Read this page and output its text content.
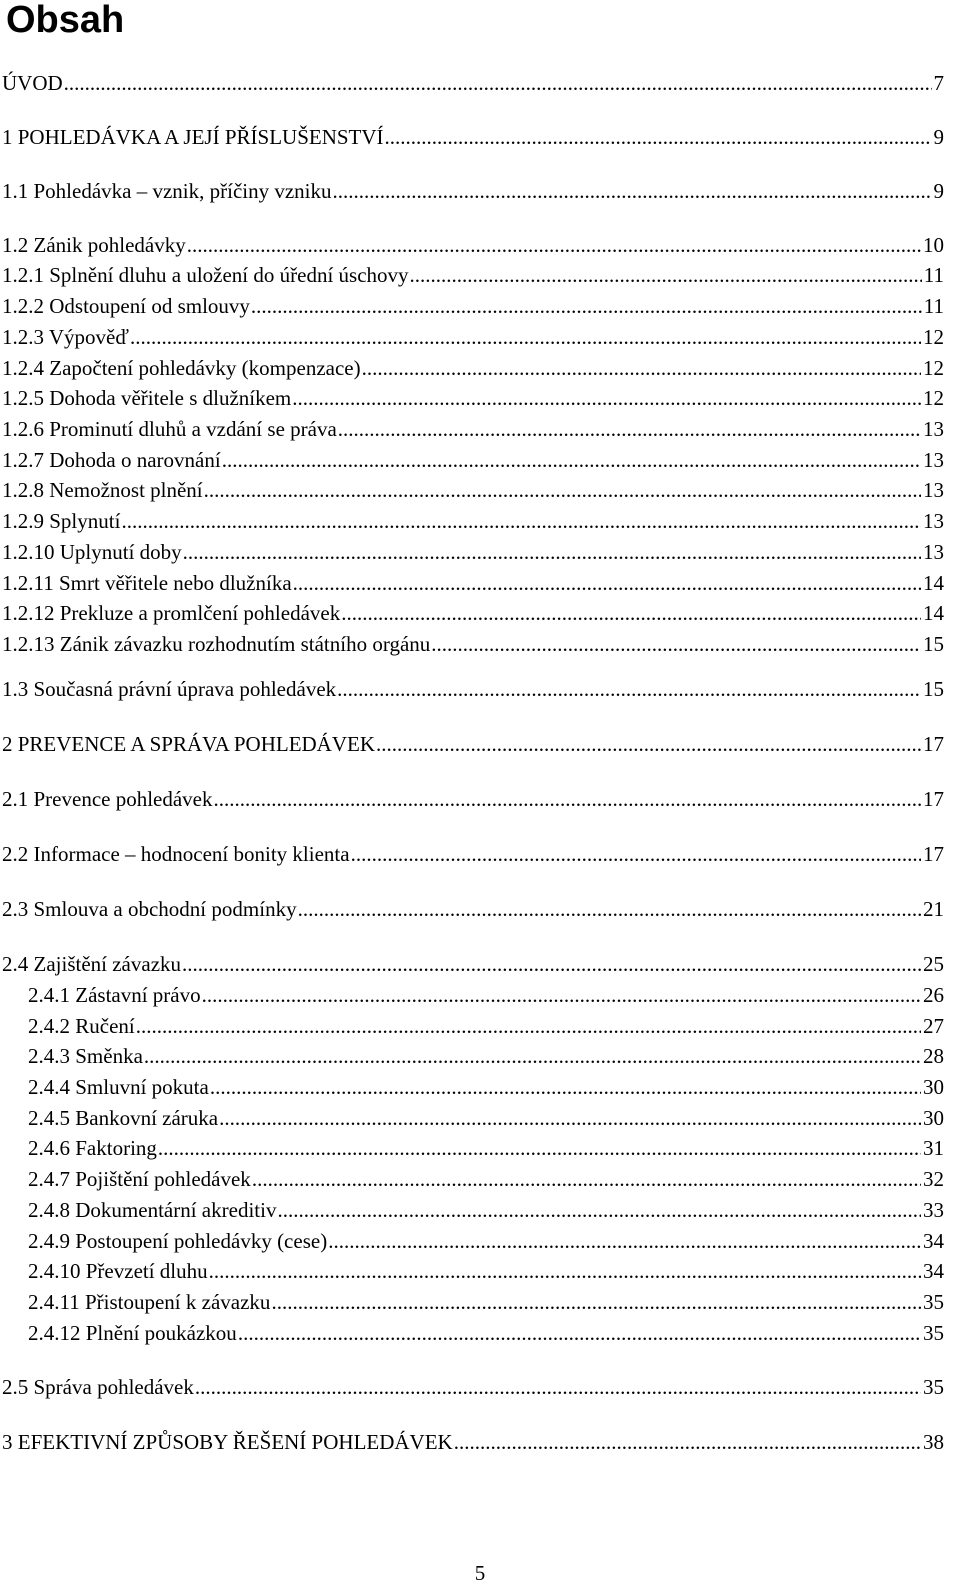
Obsah
ÚVOD .....	7
1 POHLEDÁVKA A JEJÍ PŘÍSLUŠENSTVÍ .....	9
1.1 Pohledávka – vznik, příčiny vzniku .....	9
1.2 Zánik pohledávky .....	10
1.2.1 Splnění dluhu a uložení do úřední úschovy .....	11
1.2.2 Odstoupení od smlouvy .....	11
1.2.3 Výpověď .....	12
1.2.4 Započtení pohledávky (kompenzace) .....	12
1.2.5 Dohoda věřitele s dlužníkem .....	12
1.2.6 Prominutí dluhů a vzdání se práva .....	13
1.2.7 Dohoda o narovnání .....	13
1.2.8 Nemožnost plnění .....	13
1.2.9 Splynutí .....	13
1.2.10 Uplynutí doby .....	13
1.2.11 Smrt věřitele nebo dlužníka .....	14
1.2.12 Prekluze a promlčení pohledávek .....	14
1.2.13 Zánik závazku rozhodnutím státního orgánu .....	15
1.3 Současná právní úprava pohledávek .....	15
2 PREVENCE A SPRÁVA POHLEDÁVEK .....	17
2.1 Prevence pohledávek .....	17
2.2 Informace – hodnocení bonity klienta .....	17
2.3 Smlouva a obchodní podmínky .....	21
2.4 Zajištění závazku .....	25
2.4.1 Zástavní právo .....	26
2.4.2 Ručení .....	27
2.4.3 Směnka .....	28
2.4.4 Smluvní pokuta .....	30
2.4.5 Bankovní záruka .....	30
2.4.6 Faktoring .....	31
2.4.7 Pojištění pohledávek .....	32
2.4.8 Dokumentární akreditiv .....	33
2.4.9 Postoupení pohledávky (cese) .....	34
2.4.10 Převzetí dluhu .....	34
2.4.11 Přistoupení k závazku .....	35
2.4.12 Plnění poukázkou .....	35
2.5 Správa pohledávek .....	35
3 EFEKTIVNÍ ZPŮSOBY ŘEŠENÍ POHLEDÁVEK .....	38
5
